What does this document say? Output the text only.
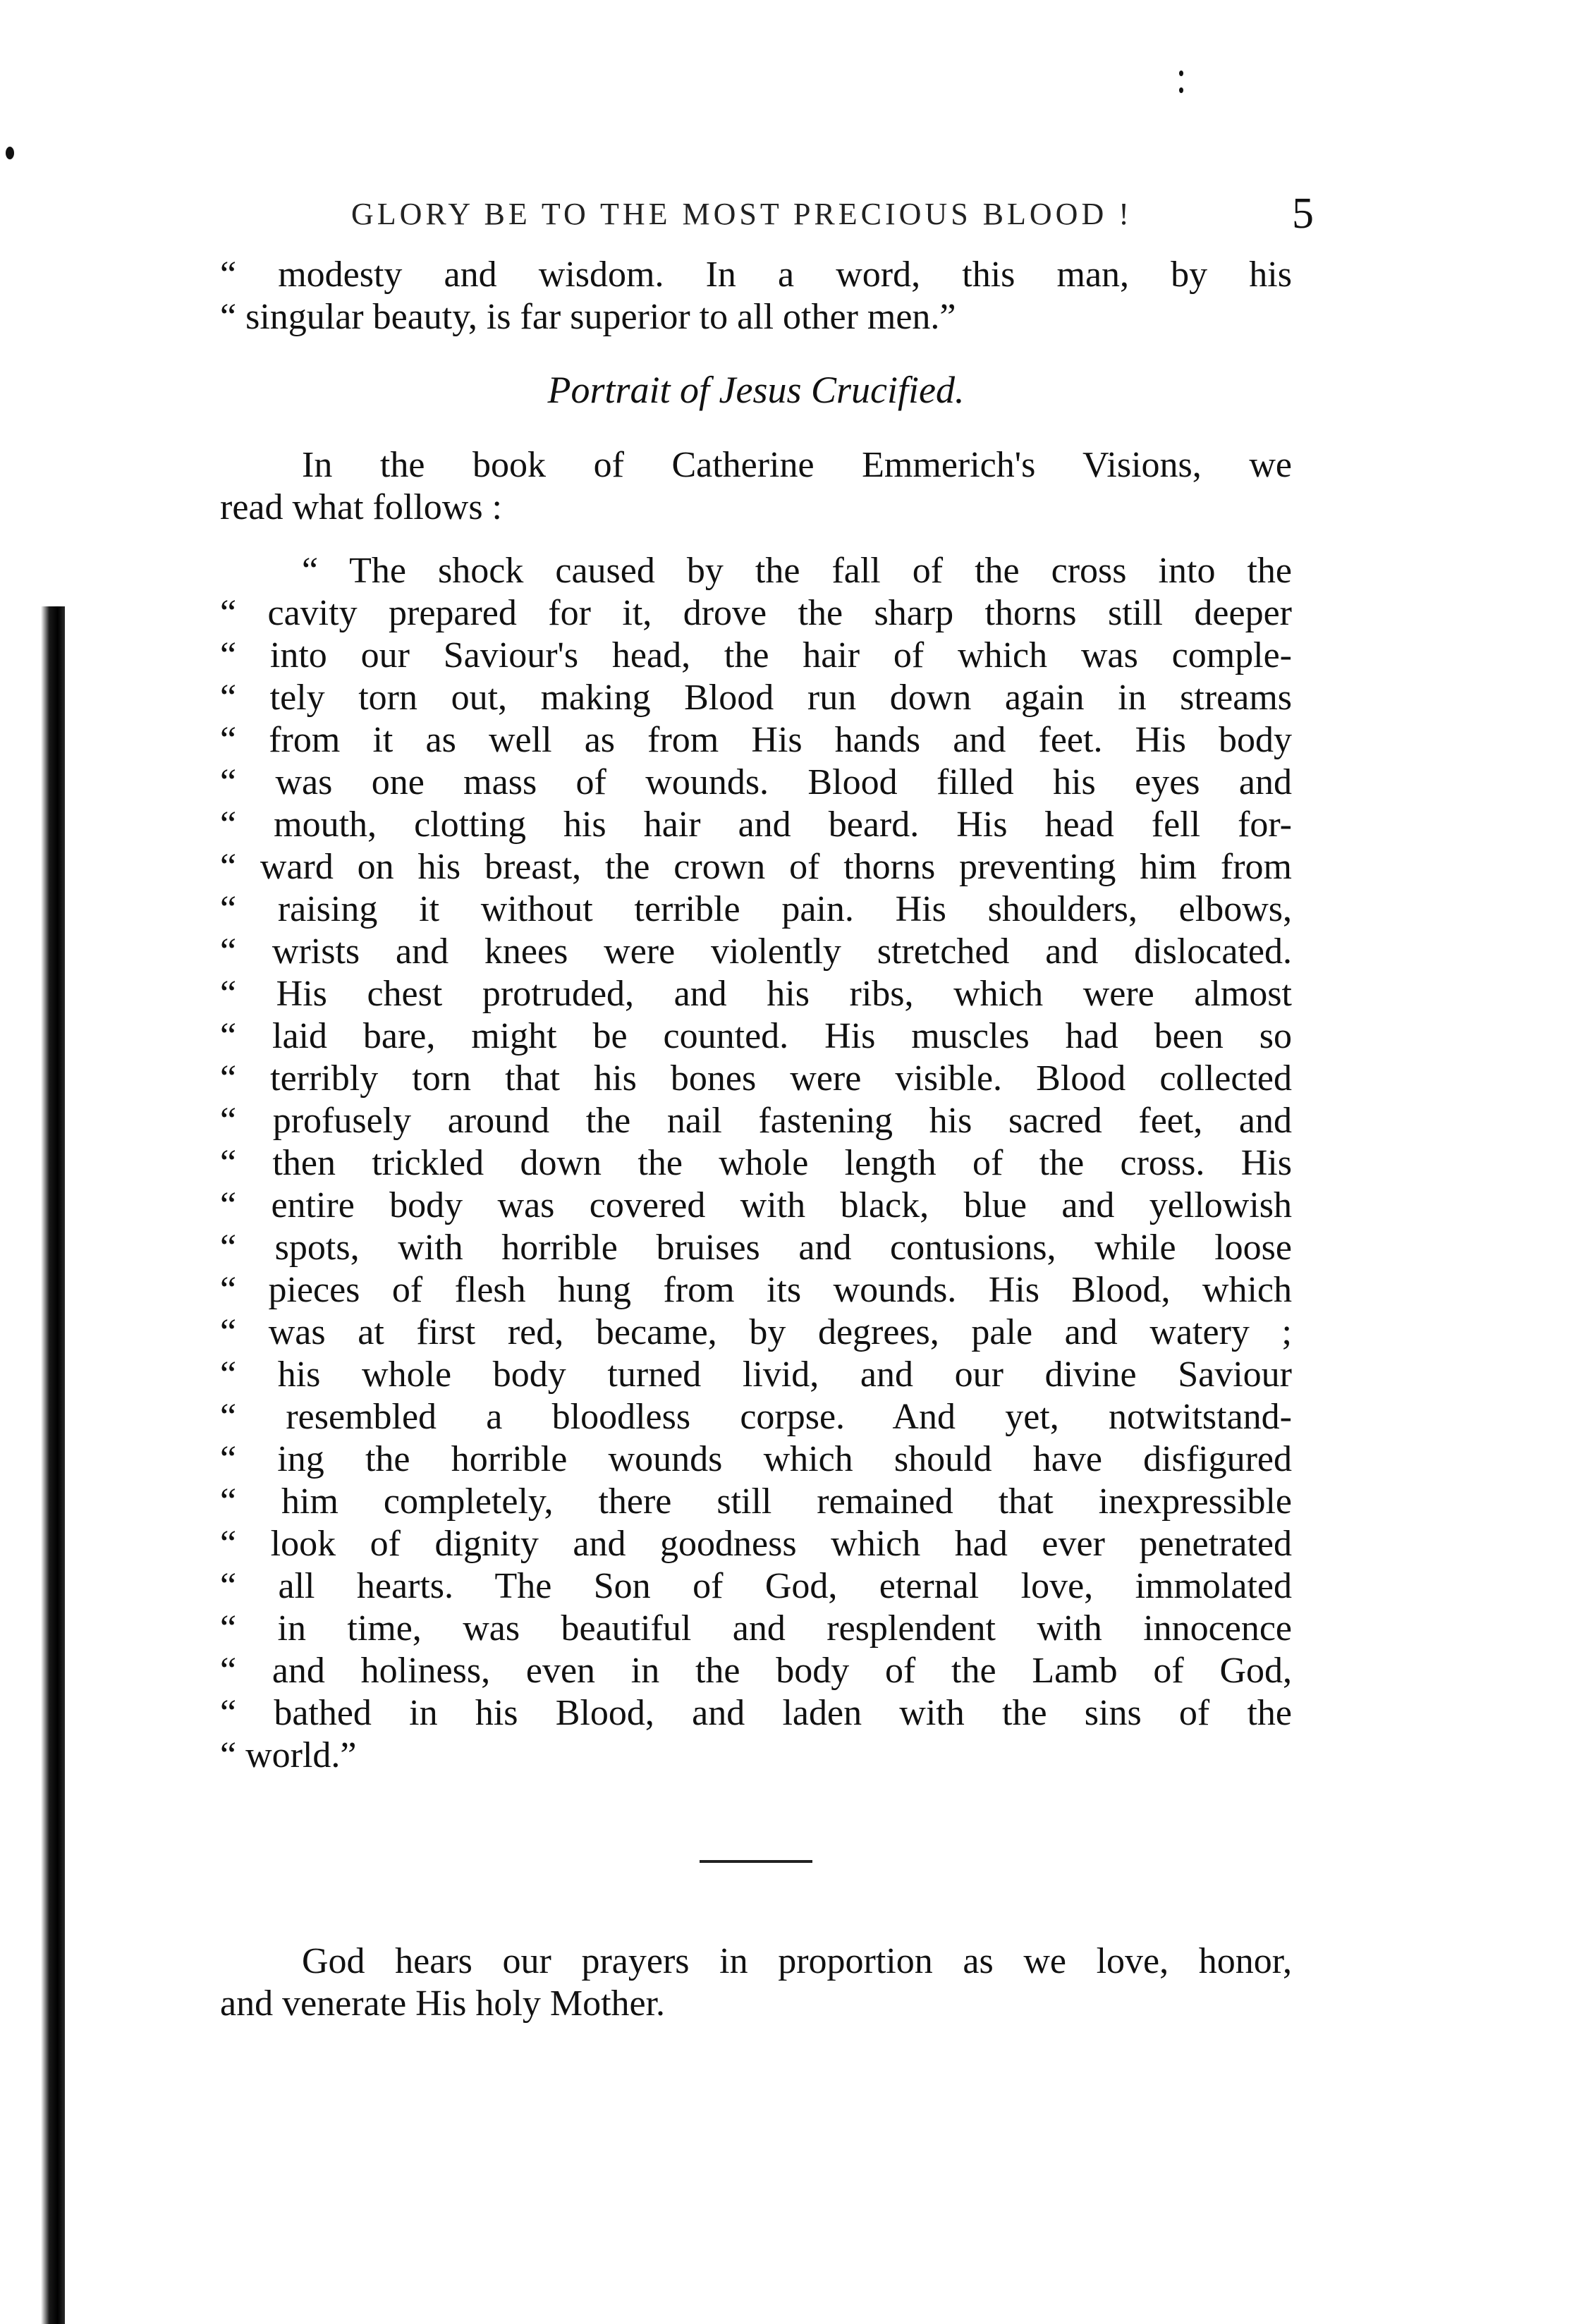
GLORY BE TO THE MOST PRECIOUS BLOOD !	5
“ modesty and wisdom. In a word, this man, by his
“ singular beauty, is far superior to all other men.”
Portrait of Jesus Crucified.
In the book of Catherine Emmerich's Visions, we
read what follows :
“ The shock caused by the fall of the cross into the
“ cavity prepared for it, drove the sharp thorns still deeper
“ into our Saviour's head, the hair of which was comple-
“ tely torn out, making Blood run down again in streams
“ from it as well as from His hands and feet. His body
“ was one mass of wounds. Blood filled his eyes and
“ mouth, clotting his hair and beard. His head fell for-
“ ward on his breast, the crown of thorns preventing him from
“ raising it without terrible pain. His shoulders, elbows,
“ wrists and knees were violently stretched and dislocated.
“ His chest protruded, and his ribs, which were almost
“ laid bare, might be counted. His muscles had been so
“ terribly torn that his bones were visible. Blood collected
“ profusely around the nail fastening his sacred feet, and
“ then trickled down the whole length of the cross. His
“ entire body was covered with black, blue and yellowish
“ spots, with horrible bruises and contusions, while loose
“ pieces of flesh hung from its wounds. His Blood, which
“ was at first red, became, by degrees, pale and watery ;
“ his whole body turned livid, and our divine Saviour
“ resembled a bloodless corpse. And yet, notwitstand-
“ ing the horrible wounds which should have disfigured
“ him completely, there still remained that inexpressible
“ look of dignity and goodness which had ever penetrated
“ all hearts. The Son of God, eternal love, immolated
“ in time, was beautiful and resplendent with innocence
“ and holiness, even in the body of the Lamb of God,
“ bathed in his Blood, and laden with the sins of the
“ world.”
God hears our prayers in proportion as we love, honor,
and venerate His holy Mother.
